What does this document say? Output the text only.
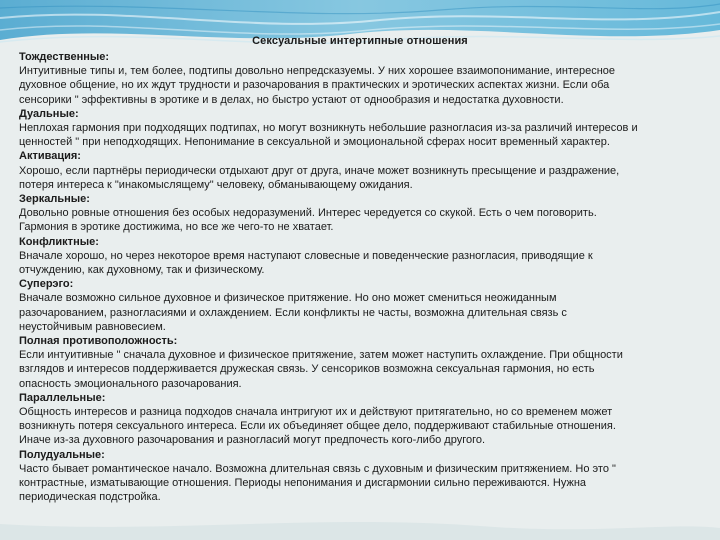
Сексуальные интертипные отношения
Тождественные:
Интуитивные типы и, тем более, подтипы довольно непредсказуемы. У них хорошее взаимопонимание, интересное
духовное общение, но их ждут трудности и разочарования в практических и эротических аспектах жизни. Если оба
сенсорики " эффективны в эротике и в делах, но быстро устают от однообразия и недостатка духовности.
Дуальные:
Неплохая гармония при подходящих подтипах, но могут возникнуть небольшие разногласия из-за различий интересов и
ценностей " при неподходящих. Непонимание в сексуальной и эмоциональной сферах носит временный характер.
Активация:
Хорошо, если партнёры периодически отдыхают друг от друга, иначе может возникнуть пресыщение и раздражение,
потеря интереса к "инакомыслящему" человеку, обманывающему ожидания.
Зеркальные:
Довольно ровные отношения без особых недоразумений. Интерес чередуется со скукой. Есть о чем поговорить.
Гармония в эротике достижима, но все же чего-то не хватает.
Конфликтные:
Вначале хорошо, но через некоторое время наступают словесные и поведенческие разногласия, приводящие к
отчуждению, как духовному, так и физическому.
Суперэго:
Вначале возможно сильное духовное и физическое притяжение. Но оно может смениться неожиданным
разочарованием, разногласиями и охлаждением. Если конфликты не часты, возможна длительная связь с
неустойчивым равновесием.
Полная противоположность:
Если интуитивные " сначала духовное и физическое притяжение, затем может наступить охлаждение. При общности
взглядов и интересов поддерживается дружеская связь. У сенсориков возможна сексуальная гармония, но есть
опасность эмоционального разочарования.
Параллельные:
Общность интересов и разница подходов сначала интригуют их и действуют притягательно, но со временем может
возникнуть потеря сексуального интереса. Если их объединяет общее дело, поддерживают стабильные отношения.
Иначе из-за духовного разочарования и разногласий могут предпочесть кого-либо другого.
Полудуальные:
Часто бывает романтическое начало. Возможна длительная связь с духовным и физическим притяжением. Но это "
контрастные, изматывающие отношения. Периоды непонимания и дисгармонии сильно переживаются. Нужна
периодическая подстройка.
